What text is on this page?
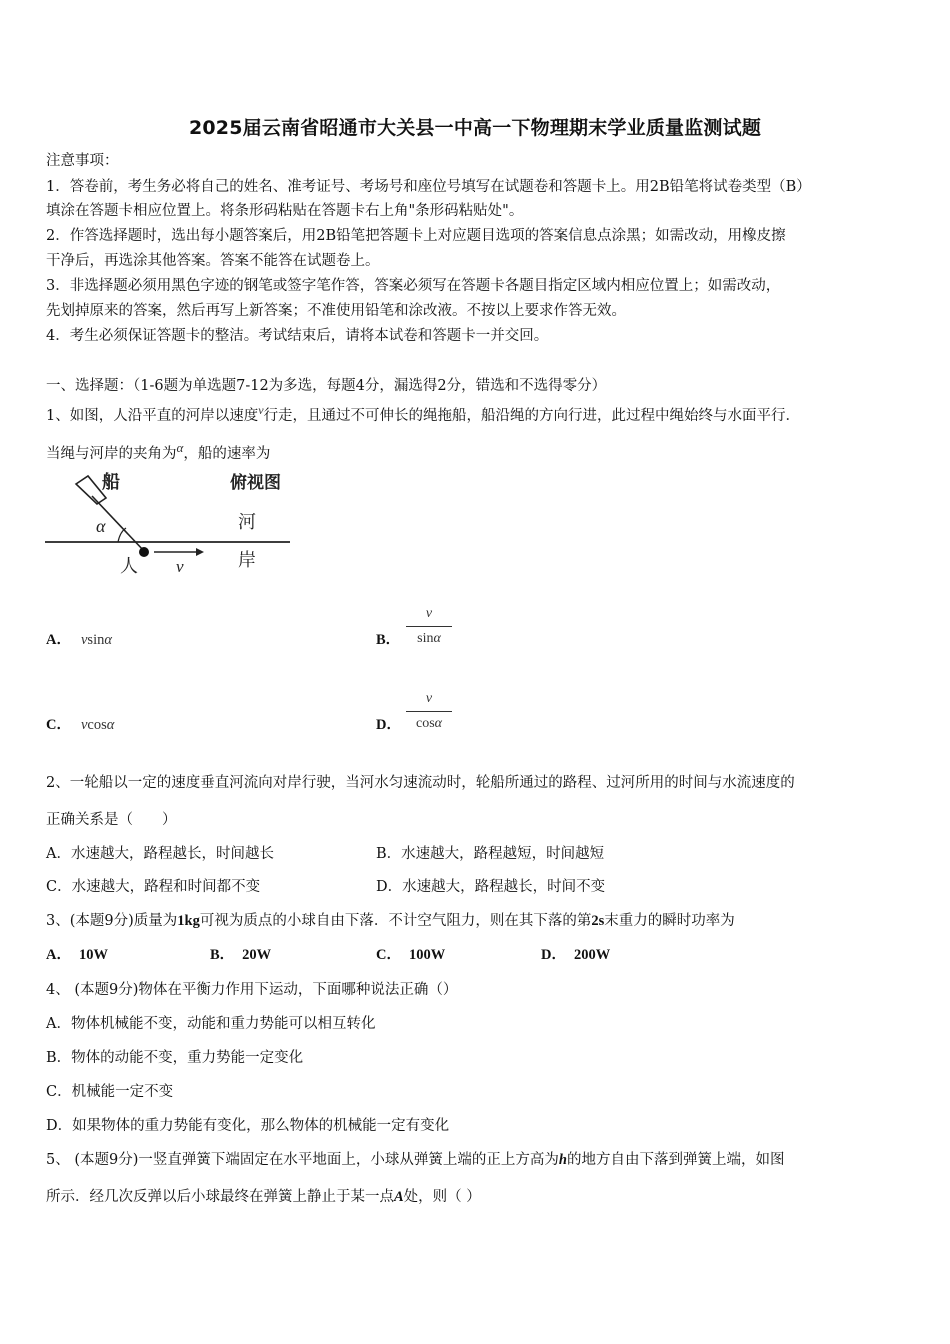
2025届云南省昭通市大关县一中高一下物理期末学业质量监测试题
注意事项：
1．答卷前，考生务必将自己的姓名、准考证号、考场号和座位号填写在试题卷和答题卡上。用2B铅笔将试卷类型（B）
填涂在答题卡相应位置上。将条形码粘贴在答题卡右上角"条形码粘贴处"。
2．作答选择题时，选出每小题答案后，用2B铅笔把答题卡上对应题目选项的答案信息点涂黑；如需改动，用橡皮擦
干净后，再选涂其他答案。答案不能答在试题卷上。
3．非选择题必须用黑色字迹的钢笔或签字笔作答，答案必须写在答题卡各题目指定区域内相应位置上；如需改动，
先划掉原来的答案，然后再写上新答案；不准使用铅笔和涂改液。不按以上要求作答无效。
4．考生必须保证答题卡的整洁。考试结束后，请将本试卷和答题卡一并交回。
一、选择题：（1-6题为单选题7-12为多选，每题4分，漏选得2分，错选和不选得零分）
1、如图，人沿平直的河岸以速度$^v$行走，且通过不可伸长的绳拖船，船沿绳的方向行进，此过程中绳始终与水面平行．
当绳与河岸的夹角为$^\alpha$，船的速率为
船	俯视图
河
岸
人
α
v
A． vsinα	B．
v
sinα
C． vcosα	D．
v
cosα
2、一轮船以一定的速度垂直河流向对岸行驶，当河水匀速流动时，轮船所通过的路程、过河所用的时间与水流速度的
正确关系是（　　）
A．水速越大，路程越长，时间越长	B．水速越大，路程越短，时间越短
C．水速越大，路程和时间都不变	D．水速越大，路程越长，时间不变
3、(本题9分)质量为1kg可视为质点的小球自由下落．不计空气阻力，则在其下落的第2s末重力的瞬时功率为
A． 10W	B． 20W	C． 100W	D． 200W
4、 (本题9分)物体在平衡力作用下运动，下面哪种说法正确（）
A．物体机械能不变，动能和重力势能可以相互转化
B．物体的动能不变，重力势能一定变化
C．机械能一定不变
D．如果物体的重力势能有变化，那么物体的机械能一定有变化
5、 (本题9分)一竖直弹簧下端固定在水平地面上，小球从弹簧上端的正上方高为h的地方自由下落到弹簧上端，如图
所示．经几次反弹以后小球最终在弹簧上静止于某一点A处，则（ ）
